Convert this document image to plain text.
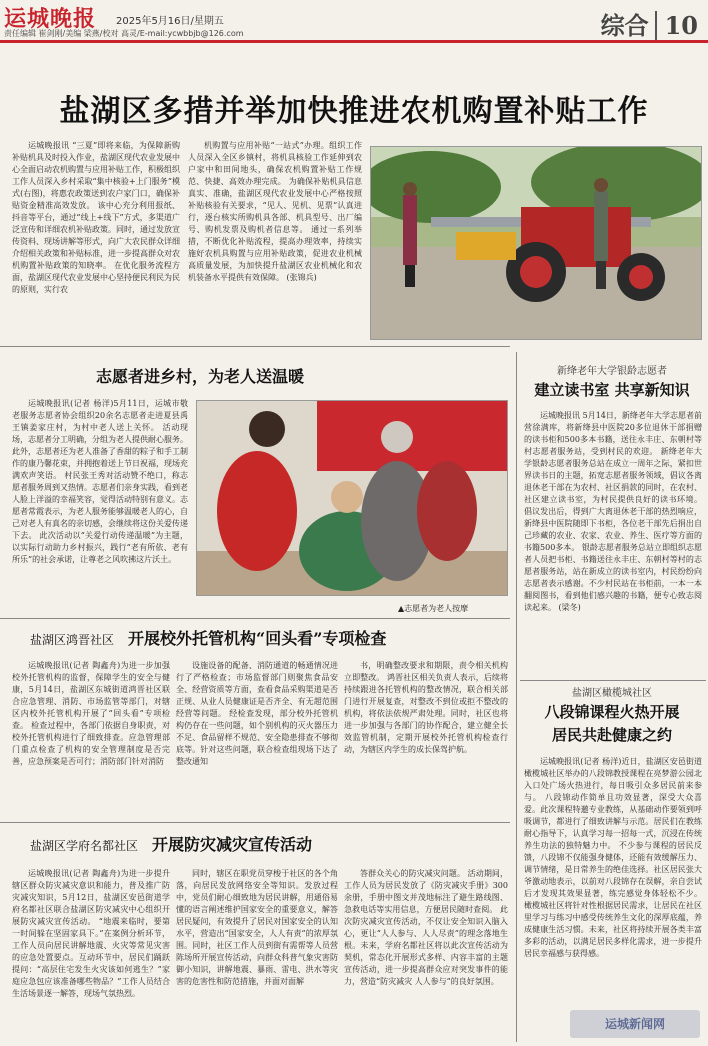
运城晚报 2025年5月16日/星期五
责任编辑 崔剑刚/美编 梁燕/校对 高灵/E-mail:ycwbbjb@126.com	综合 10
盐湖区多措并举加快推进农机购置补贴工作

运城晚报讯 “三夏”即将来临，为保障新购补贴机具及时投入作业，盐湖区现代农业发展中心全面启动农机购置与应用补贴工作，积极组织工作人员深入乡村采取“集中核验+上门服务”模式(右图)，将惠农政策送到农户家门口，确保补贴资金精准高效发放。 该中心充分利用报纸、抖音等平台，通过“线上+线下”方式，多渠道广泛宣传和详细农机补贴政策。同时，通过发放宣传资料、现场讲解等形式，向广大农民群众详细介绍相关政策和补贴标准，进一步提高群众对农机购置补贴政策的知晓率。 在优化服务流程方面，盐湖区现代农业发展中心坚持便民利民为民的原则，实行农

机购置与应用补贴“一站式”办理。组织工作人员深入全区乡镇村，将机具核验工作延伸到农户家中和田间地头，确保农机购置补贴工作规范、快捷、高效办理完成。 为确保补贴机具信息真实、准确，盐湖区现代农业发展中心严格按照补贴核验有关要求，“见人、见机、见票”认真进行，逐台核实所购机具各部、机具型号、出厂编号、购机发票及购机者信息等。 通过一系列举措，不断优化补贴流程，提高办理效率，持续实施好农机具购置与应用补贴政策，促进农业机械高质量发展，为加快提升盐湖区农业机械化和农机装备水平提供有效保障。 (张锦兵)

志愿者进乡村，为老人送温暖

运城晚报讯(记者 杨洋)5月11日，运城市敬老服务志愿者协会组织20余名志愿者走进夏县禹王镇姜家庄村，为村中老人送上关怀。 活动现场，志愿者分工明确，分组为老人提供耐心服务。此外，志愿者还为老人准备了香甜的粽子和手工制作的康乃馨花束，并拥抱着送上节日祝福，现场充满欢声笑语。 村民张王秀对活动赞不绝口，称志愿者服务周到又热情。志愿者们亲身实践，看到老人脸上洋溢的幸福笑容，觉得活动特别有意义。志愿者常霞表示，为老人服务能够温暖老人的心，自己对老人有真名的亲切感，会继续将这份关爱传递下去。 此次活动以“关爱行动传递温暖”为主题，以实际行动助力乡村振兴，践行“老有所依、老有所乐”的社会承诺，让尊老之风吹拂这片沃土。

▲志愿者为老人按摩
盐湖区鸿晋社区 开展校外托管机构“回头看”专项检查

运城晚报讯(记者 陶鑫舟)为进一步加强校外托管机构的监督，保障学生的安全与健康，5月14日，盐湖区东城街道鸿晋社区联合应急管理、消防、市场监管等部门，对辖区内校外托管机构开展了“回头看”专项检查。 检查过程中，各部门依据自身职责，对校外托管机构进行了细致排查。应急管理部门重点检查了机构的安全管理制度是否完善，应急预案是否可行；消防部门针对消防

设施设备的配备、消防通道的畅通情况进行了严格检查；市场监督部门则聚焦食品安全、经营资质等方面，查看食品采购渠道是否正规、从业人员健康证是否齐全、有无超范围经营等问题。 经检查发现，部分校外托管机构仍存在一些问题，如个别机构的灭火器压力不足、食品留样不规范、安全隐患排查不够彻底等。针对这些问题，联合检查组现场下达了整改通知

书，明确整改要求和期限，责令相关机构立即整改。 鸿晋社区相关负责人表示，后续将持续跟进各托管机构的整改情况，联合相关部门进行开展复查，对整改不到位或拒不整改的机构，将依法依规严肃处理。同时，社区也将进一步加强与各部门的协作配合，建立健全长效监管机制，定期开展校外托管机构检查行动，为辖区内学生的成长保驾护航。

盐湖区学府名都社区 开展防灾减灾宣传活动

运城晚报讯(记者 陶鑫舟)为进一步提升辖区群众防灾减灾意识和能力，普及推广防灾减灾知识，5月12日，盐湖区安邑街道学府名都社区联合盐湖区防灾减灾中心组织开展防灾减灾宣传活动。 “地震来临时，要第一时间躲在坚固家具下。”在案例分析环节，工作人员向居民讲解地震、火灾等常见灾害的应急处置要点。互动环节中，居民们踊跃提问：“高层住宅发生火灾该如何逃生？”家庭应急包应该准备哪些物品？”工作人员结合生活场景逐一解答，现场气氛热烈。

同时，辖区在职党员穿梭于社区的各个角落，向居民发放网络安全等知识。发放过程中，党员们耐心细致地为居民讲解，用通俗易懂的语言阐述维护国家安全的重要意义，解答居民疑问，有效提升了居民对国家安全的认知水平，营造出“国家安全，人人有责”的浓厚氛围。同时，社区工作人员到街有需帮等人员营陈场所开展宣传活动，向群众科普气象灾害防御小知识，讲解地震、暴雨、雷电、洪水等灾害的危害性和防范措施，并面对面解

答群众关心的防灾减灾问题。 活动期间，工作人员为居民发放了《防灾减灾手册》300余册，手册中图文并茂地标注了避生路线图、急救电话等实用信息，方便居民随时查阅。 此次防灾减灾宣传活动，不仅让安全知识入脑入心，更让“人人参与、人人尽责”的理念落地生根。未来，学府名都社区将以此次宣传活动为契机，常态化开展形式多样、内容丰富的主题宣传活动，进一步提高群众应对突发事件的能力，营造“防灾减灾 人人参与”的良好氛围。

新绛老年大学银龄志愿者
建立读书室 共享新知识

运城晚报讯 5月14日，新绛老年大学志愿者前营徐满库，将新绛县中医院20多位退休干部捐赠的读书柜和500多本书籍，送往永丰庄、东朝村等村志愿者服务站，受到村民的欢迎。 新绛老年大学银龄志愿者服务总站在成立一周年之际，紧扣世界读书日的主题，拓宽志愿者服务领域，倡议各离退休老干部在为农村、社区捐款的同时，在农村、社区建立读书室，为村民提供良好的读书环境。 倡议发出后，得到广大离退休老干部的热烈响应，新绛县中医院随即下书柜，各位老干部先后捐出自己珍藏的农业、农家、农业、养生、医疗等方面的书籍500多本。 银龄志愿者服务总站立即组织志愿者人员把书柜、书籍送往永丰庄、东朝村等村的志愿者服务站，站在新成立的读书室内，村民纷纷向志愿者表示感谢。不少村民站在书柜前，一本一本翻阅图书，看到他们感兴趣的书籍，便专心致志阅读起来。 (梁冬)

盐湖区橄榄城社区
八段锦课程火热开展
居民共赴健康之约

运城晚报讯(记者 杨洋)近日，盐湖区安邑街道橄榄城社区举办的八段锦教授课程在亮梦游公园北入口处广场火热进行，每日吸引众多居民前来参与。 八段锦动作简单且功效显著，深受大众喜爱。此次课程特邀专业教练，从基础动作要领到呼吸调节，都进行了细致讲解与示范。居民们在教练耐心指导下，认真学习每一招每一式，沉浸在传统养生功法的独特魅力中。 不少参与课程的居民反馈，八段锦不仅能强身健体，还能有效缓解压力、调节情绪，是日常养生的绝佳选择。社区居民张大爷激动地表示，以前对八段锦存在误解，亲自尝试后才发现其效果显著，练完感觉身体轻松不少。 橄榄城社区将针对性根据居民需求，让居民在社区里学习与练习中感受传统养生文化的深厚底蕴，养成健康生活习惯。未来，社区将持续开展各类丰富多彩的活动，以满足居民多样化需求，进一步提升居民幸福感与获得感。

运城新闻网
